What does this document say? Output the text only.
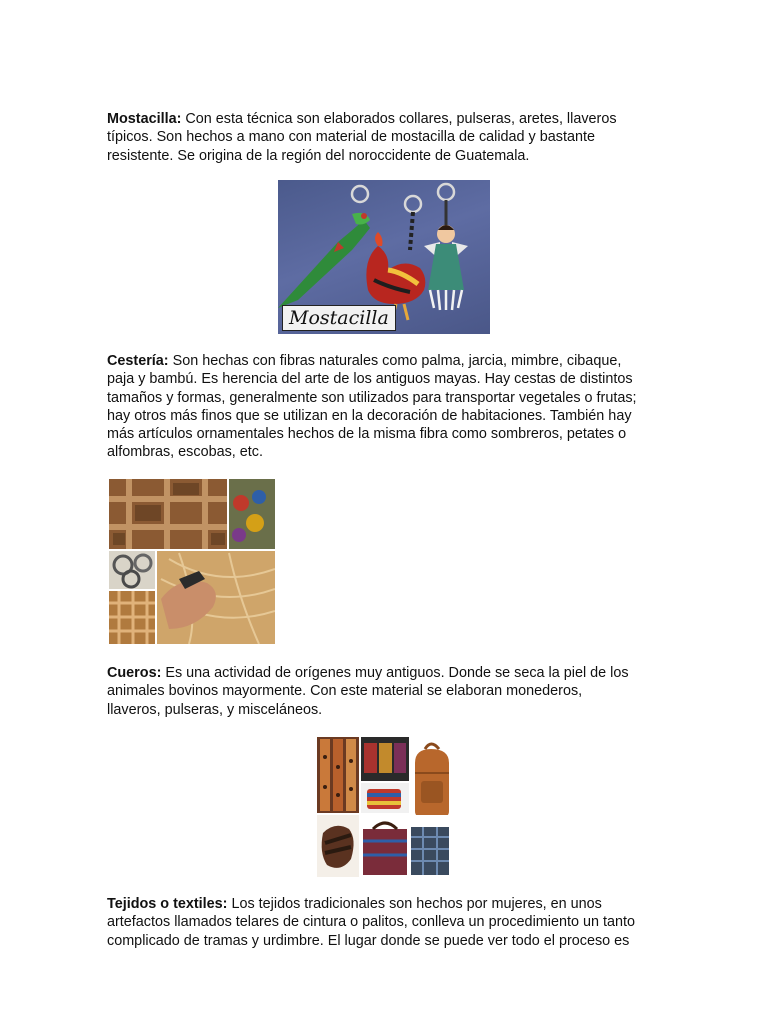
Mostacilla: Con esta técnica son elaborados collares, pulseras, aretes, llaveros
típicos. Son hechos a mano con material de mostacilla de calidad y bastante
resistente. Se origina de la región del noroccidente de Guatemala.

Mostacilla

Cestería: Son hechas con fibras naturales como palma, jarcia, mimbre, cibaque,
paja y bambú. Es herencia del arte de los antiguos mayas. Hay cestas de distintos
tamaños y formas, generalmente son utilizados para transportar vegetales o frutas;
hay otros más finos que se utilizan en la decoración de habitaciones. También hay
más artículos ornamentales hechos de la misma fibra como sombreros, petates o
alfombras, escobas, etc.

Cueros: Es una actividad de orígenes muy antiguos. Donde se seca la piel de los
animales bovinos mayormente. Con este material se elaboran monederos,
llaveros, pulseras, y misceláneos.

Tejidos o textiles: Los tejidos tradicionales son hechos por mujeres, en unos
artefactos llamados telares de cintura o palitos, conlleva un procedimiento un tanto
complicado de tramas y urdimbre. El lugar donde se puede ver todo el proceso es
